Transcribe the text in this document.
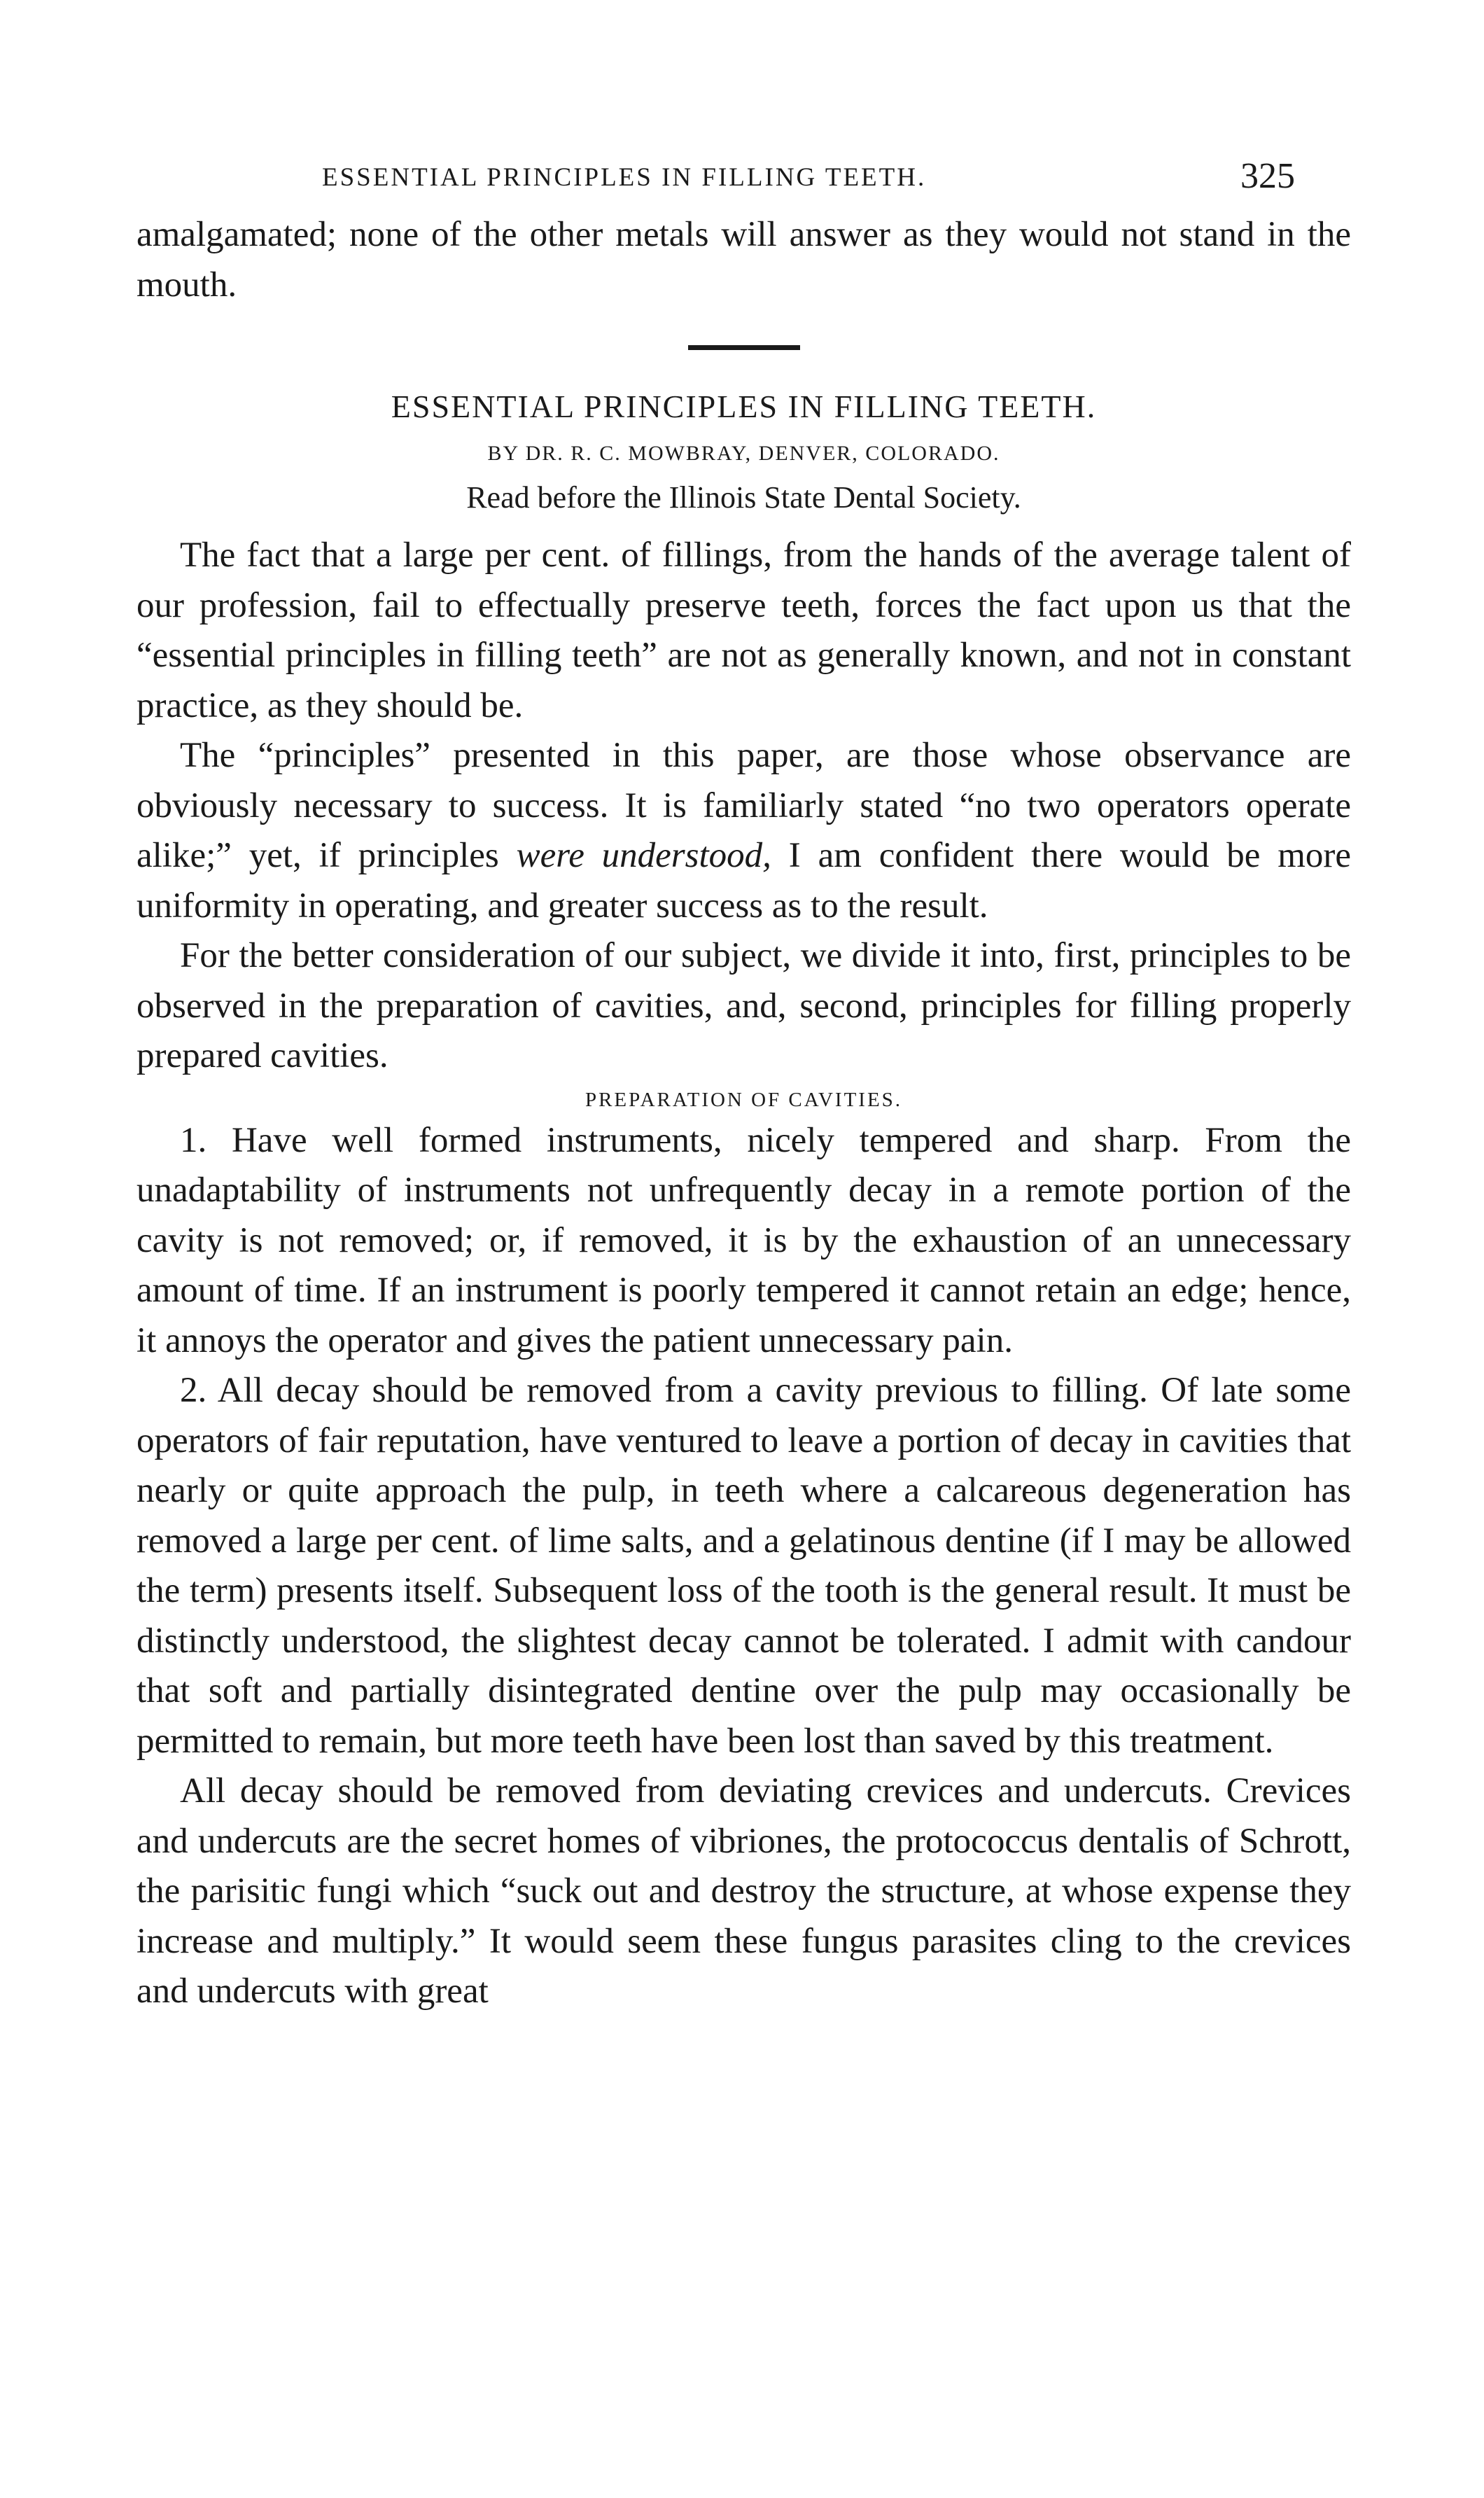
ESSENTIAL PRINCIPLES IN FILLING TEETH.	325

amalgamated; none of the other metals will answer as they would not stand in the mouth.

ESSENTIAL PRINCIPLES IN FILLING TEETH.
BY DR. R. C. MOWBRAY, DENVER, COLORADO.
Read before the Illinois State Dental Society.

The fact that a large per cent. of fillings, from the hands of the average talent of our profession, fail to effectually preserve teeth, forces the fact upon us that the “essential principles in filling teeth” are not as generally known, and not in constant practice, as they should be.

The “principles” presented in this paper, are those whose observance are obviously necessary to success. It is familiarly stated “no two operators operate alike;” yet, if principles were understood, I am confident there would be more uniformity in operating, and greater success as to the result.

For the better consideration of our subject, we divide it into, first, principles to be observed in the preparation of cavities, and, second, principles for filling properly prepared cavities.

PREPARATION OF CAVITIES.

1. Have well formed instruments, nicely tempered and sharp. From the unadaptability of instruments not unfrequently decay in a remote portion of the cavity is not removed; or, if removed, it is by the exhaustion of an unnecessary amount of time. If an instrument is poorly tempered it cannot retain an edge; hence, it annoys the operator and gives the patient unnecessary pain.

2. All decay should be removed from a cavity previous to filling. Of late some operators of fair reputation, have ventured to leave a portion of decay in cavities that nearly or quite approach the pulp, in teeth where a calcareous degeneration has removed a large per cent. of lime salts, and a gelatinous dentine (if I may be allowed the term) presents itself. Subsequent loss of the tooth is the general result. It must be distinctly understood, the slightest decay cannot be tolerated. I admit with candour that soft and partially disintegrated dentine over the pulp may occasionally be permitted to remain, but more teeth have been lost than saved by this treatment.

All decay should be removed from deviating crevices and undercuts. Crevices and undercuts are the secret homes of vibriones, the protococcus dentalis of Schrott, the parisitic fungi which “suck out and destroy the structure, at whose expense they increase and multiply.” It would seem these fungus parasites cling to the crevices and undercuts with great
